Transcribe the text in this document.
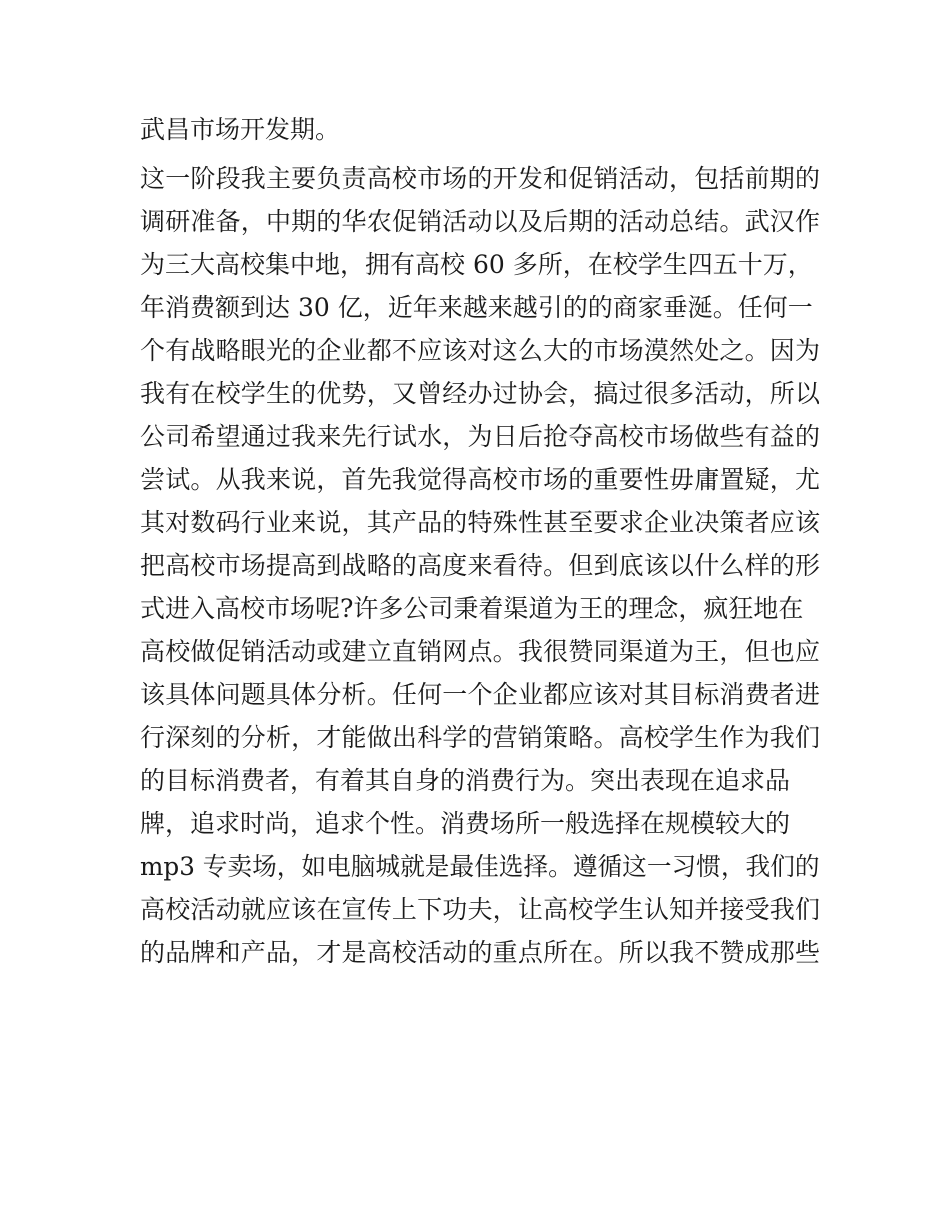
武昌市场开发期。
这一阶段我主要负责高校市场的开发和促销活动，包括前期的
调研准备，中期的华农促销活动以及后期的活动总结。武汉作
为三大高校集中地，拥有高校 60 多所，在校学生四五十万，
年消费额到达 30 亿，近年来越来越引的的商家垂涎。任何一
个有战略眼光的企业都不应该对这么大的市场漠然处之。因为
我有在校学生的优势，又曾经办过协会，搞过很多活动，所以
公司希望通过我来先行试水，为日后抢夺高校市场做些有益的
尝试。从我来说，首先我觉得高校市场的重要性毋庸置疑，尤
其对数码行业来说，其产品的特殊性甚至要求企业决策者应该
把高校市场提高到战略的高度来看待。但到底该以什么样的形
式进入高校市场呢?许多公司秉着渠道为王的理念，疯狂地在
高校做促销活动或建立直销网点。我很赞同渠道为王，但也应
该具体问题具体分析。任何一个企业都应该对其目标消费者进
行深刻的分析，才能做出科学的营销策略。高校学生作为我们
的目标消费者，有着其自身的消费行为。突出表现在追求品
牌，追求时尚，追求个性。消费场所一般选择在规模较大的
mp3 专卖场，如电脑城就是最佳选择。遵循这一习惯，我们的
高校活动就应该在宣传上下功夫，让高校学生认知并接受我们
的品牌和产品，才是高校活动的重点所在。所以我不赞成那些
